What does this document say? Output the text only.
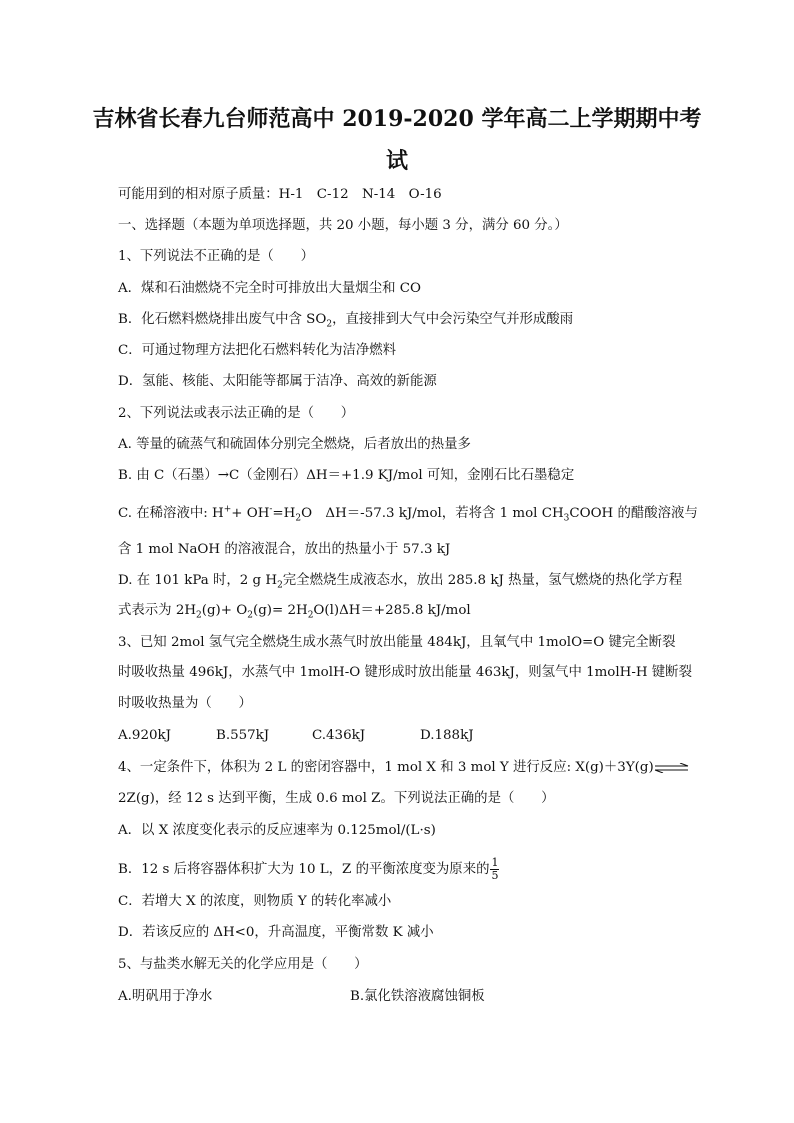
吉林省长春九台师范高中 2019-2020 学年高二上学期期中考
试
可能用到的相对原子质量：H-1　C-12　N-14　O-16
一、选择题（本题为单项选择题，共 20 小题，每小题 3 分，满分 60 分。）
1、下列说法不正确的是（　　）
A．煤和石油燃烧不完全时可排放出大量烟尘和 CO
B．化石燃料燃烧排出废气中含 $SO_2$，直接排到大气中会污染空气并形成酸雨
C．可通过物理方法把化石燃料转化为洁净燃料
D．氢能、核能、太阳能等都属于洁净、高效的新能源
2、下列说法或表示法正确的是（　　）
A. 等量的硫蒸气和硫固体分别完全燃烧，后者放出的热量多
B. 由 C（石墨）→C（金刚石）ΔH＝+1.9 KJ/mol 可知，金刚石比石墨稳定
C. 在稀溶液中: $H^++ OH^-=H_2O$　ΔH＝-57.3 kJ/mol，若将含 1 mol $CH_3COOH$ 的醋酸溶液与
含 1 mol NaOH 的溶液混合，放出的热量小于 57.3 kJ
D. 在 101 kPa 时，2 g $H_2$完全燃烧生成液态水，放出 285.8 kJ 热量，氢气燃烧的热化学方程
式表示为 $2H_2(g)+ O_2(g)= 2H_2O(l)\Delta H=+285.8$ kJ/mol
3、已知 2mol 氢气完全燃烧生成水蒸气时放出能量 484kJ，且氧气中 1molO=O 键完全断裂
时吸收热量 496kJ，水蒸气中 1molH-O 键形成时放出能量 463kJ，则氢气中 1molH-H 键断裂
时吸收热量为（　　）
A.920kJ	B.557kJ	C.436kJ	D.188kJ
4、一定条件下，体积为 2 L 的密闭容器中，1 mol X 和 3 mol Y 进行反应: X(g)＋3Y(g)⇌
2Z(g)，经 12 s 达到平衡，生成 0.6 mol Z。下列说法正确的是（　　）
A．以 X 浓度变化表示的反应速率为 0.125mol/(L·s)
B．12 s 后将容器体积扩大为 10 L，Z 的平衡浓度变为原来的 $\frac{1}{5}$
C．若增大 X 的浓度，则物质 Y 的转化率减小
D．若该反应的 ΔH<0，升高温度，平衡常数 K 减小
5、与盐类水解无关的化学应用是（　　）
A.明矾用于净水	B.氯化铁溶液腐蚀铜板
